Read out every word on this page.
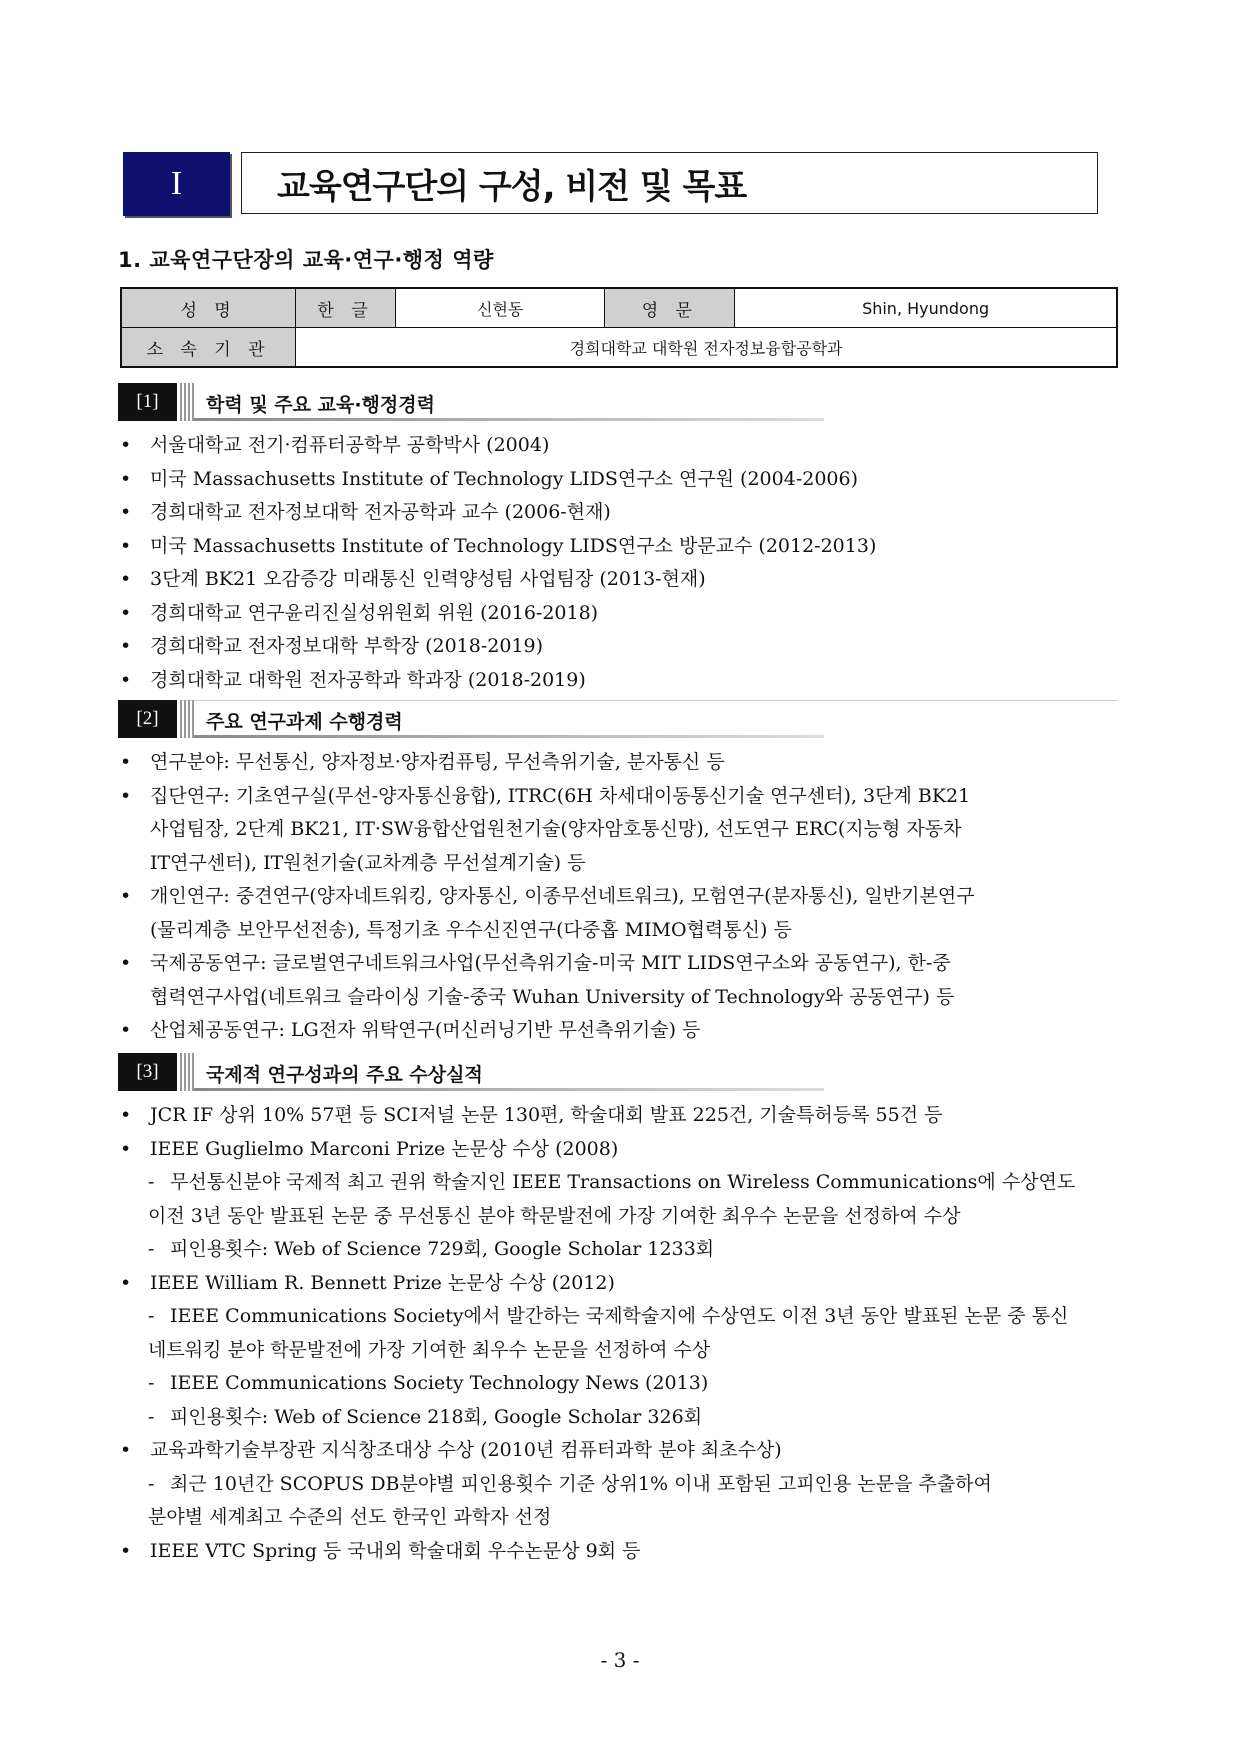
I	교육연구단의 구성, 비전 및 목표
1. 교육연구단장의 교육·연구·행정 역량
성 명	한 글	신현동	영 문	Shin, Hyundong
소 속 기 관	경희대학교 대학원 전자정보융합공학과			
[1]	학력 및 주요 교육·행정경력
• 서울대학교 전기·컴퓨터공학부 공학박사 (2004)
• 미국 Massachusetts Institute of Technology LIDS연구소 연구원 (2004-2006)
• 경희대학교 전자정보대학 전자공학과 교수 (2006-현재)
• 미국 Massachusetts Institute of Technology LIDS연구소 방문교수 (2012-2013)
• 3단계 BK21 오감증강 미래통신 인력양성팀 사업팀장 (2013-현재)
• 경희대학교 연구윤리진실성위원회 위원 (2016-2018)
• 경희대학교 전자정보대학 부학장 (2018-2019)
• 경희대학교 대학원 전자공학과 학과장 (2018-2019)
[2]	주요 연구과제 수행경력
• 연구분야: 무선통신, 양자정보·양자컴퓨팅, 무선측위기술, 분자통신 등
• 집단연구: 기초연구실(무선-양자통신융합), ITRC(6H 차세대이동통신기술 연구센터), 3단계 BK21
사업팀장, 2단계 BK21, IT·SW융합산업원천기술(양자암호통신망), 선도연구 ERC(지능형 자동차
IT연구센터), IT원천기술(교차계층 무선설계기술) 등
• 개인연구: 중견연구(양자네트워킹, 양자통신, 이종무선네트워크), 모험연구(분자통신), 일반기본연구
(물리계층 보안무선전송), 특정기초 우수신진연구(다중홉 MIMO협력통신) 등
• 국제공동연구: 글로벌연구네트워크사업(무선측위기술-미국 MIT LIDS연구소와 공동연구), 한-중
협력연구사업(네트워크 슬라이싱 기술-중국 Wuhan University of Technology와 공동연구) 등
• 산업체공동연구: LG전자 위탁연구(머신러닝기반 무선측위기술) 등
[3]	국제적 연구성과의 주요 수상실적
• JCR IF 상위 10% 57편 등 SCI저널 논문 130편, 학술대회 발표 225건, 기술특허등록 55건 등
• IEEE Guglielmo Marconi Prize 논문상 수상 (2008)
-무선통신분야 국제적 최고 권위 학술지인 IEEE Transactions on Wireless Communications에 수상연도
이전 3년 동안 발표된 논문 중 무선통신 분야 학문발전에 가장 기여한 최우수 논문을 선정하여 수상
-피인용횟수: Web of Science 729회, Google Scholar 1233회
• IEEE William R. Bennett Prize 논문상 수상 (2012)
-IEEE Communications Society에서 발간하는 국제학술지에 수상연도 이전 3년 동안 발표된 논문 중 통신
네트워킹 분야 학문발전에 가장 기여한 최우수 논문을 선정하여 수상
-IEEE Communications Society Technology News (2013)
-피인용횟수: Web of Science 218회, Google Scholar 326회
• 교육과학기술부장관 지식창조대상 수상 (2010년 컴퓨터과학 분야 최초수상)
-최근 10년간 SCOPUS DB분야별 피인용횟수 기준 상위1% 이내 포함된 고피인용 논문을 추출하여
분야별 세계최고 수준의 선도 한국인 과학자 선정
• IEEE VTC Spring 등 국내외 학술대회 우수논문상 9회 등
- 3 -
